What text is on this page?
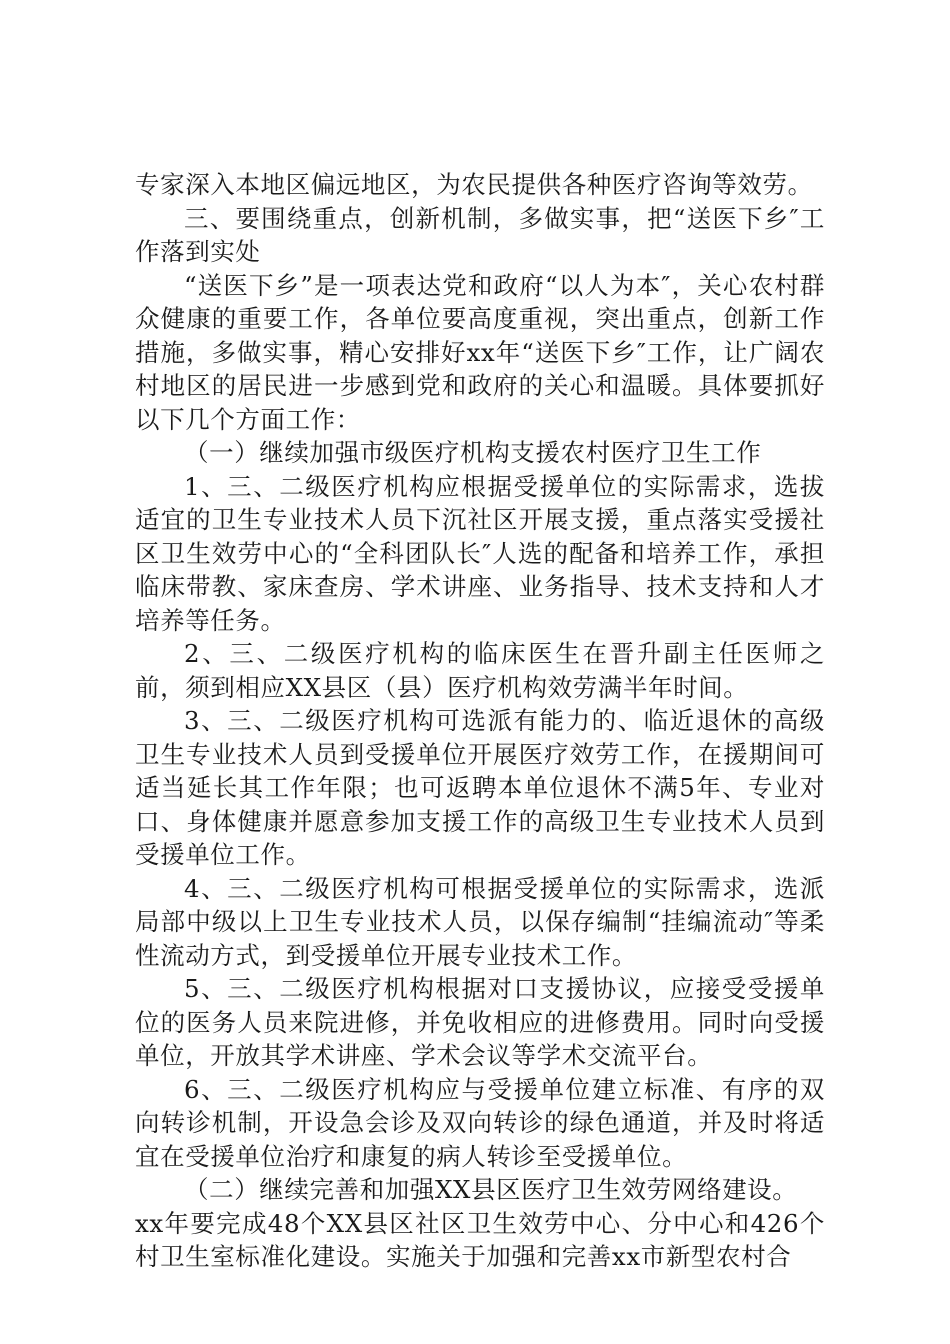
专家深入本地区偏远地区，为农民提供各种医疗咨询等效劳。

三、要围绕重点，创新机制，多做实事，把“送医下乡″工作落到实处

“送医下乡”是一项表达党和政府“以人为本″，关心农村群众健康的重要工作，各单位要高度重视，突出重点，创新工作措施，多做实事，精心安排好xx年“送医下乡″工作，让广阔农村地区的居民进一步感到党和政府的关心和温暖。具体要抓好以下几个方面工作：

（一）继续加强市级医疗机构支援农村医疗卫生工作

1、三、二级医疗机构应根据受援单位的实际需求，选拔适宜的卫生专业技术人员下沉社区开展支援，重点落实受援社区卫生效劳中心的“全科团队长″人选的配备和培养工作，承担临床带教、家床查房、学术讲座、业务指导、技术支持和人才培养等任务。

2、三、二级医疗机构的临床医生在晋升副主任医师之前，须到相应XX县区（县）医疗机构效劳满半年时间。

3、三、二级医疗机构可选派有能力的、临近退休的高级卫生专业技术人员到受援单位开展医疗效劳工作，在援期间可适当延长其工作年限；也可返聘本单位退休不满5年、专业对口、身体健康并愿意参加支援工作的高级卫生专业技术人员到受援单位工作。

4、三、二级医疗机构可根据受援单位的实际需求，选派局部中级以上卫生专业技术人员，以保存编制“挂编流动″等柔性流动方式，到受援单位开展专业技术工作。

5、三、二级医疗机构根据对口支援协议，应接受受援单位的医务人员来院进修，并免收相应的进修费用。同时向受援单位，开放其学术讲座、学术会议等学术交流平台。

6、三、二级医疗机构应与受援单位建立标准、有序的双向转诊机制，开设急会诊及双向转诊的绿色通道，并及时将适宜在受援单位治疗和康复的病人转诊至受援单位。

（二）继续完善和加强XX县区医疗卫生效劳网络建设。

xx年要完成48个XX县区社区卫生效劳中心、分中心和426个村卫生室标准化建设。实施关于加强和完善xx市新型农村合
